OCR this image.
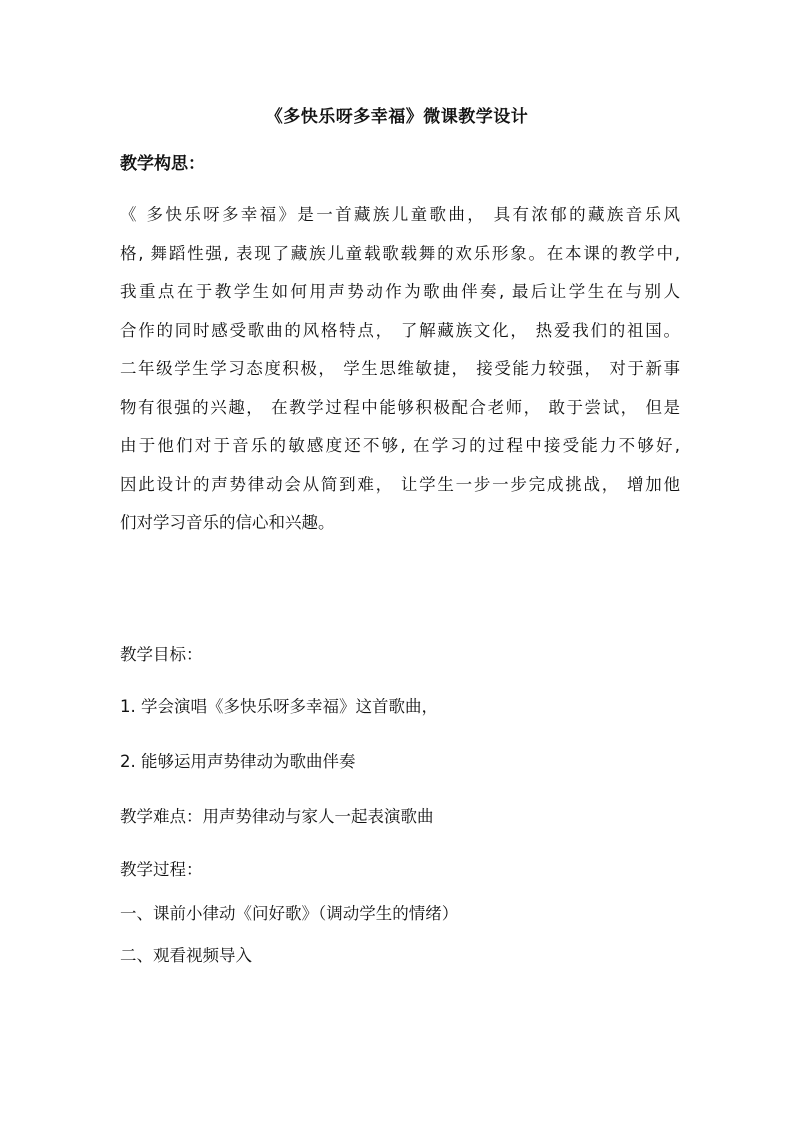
《多快乐呀多幸福》微课教学设计
教学构思：
《 多快乐呀多幸福》是一首藏族儿童歌曲， 具有浓郁的藏族音乐风
格, 舞蹈性强, 表现了藏族儿童载歌载舞的欢乐形象。在本课的教学中,
我重点在于教学生如何用声势动作为歌曲伴奏, 最后让学生在与别人
合作的同时感受歌曲的风格特点， 了解藏族文化， 热爱我们的祖国。
二年级学生学习态度积极， 学生思维敏捷， 接受能力较强， 对于新事
物有很强的兴趣， 在教学过程中能够积极配合老师， 敢于尝试， 但是
由于他们对于音乐的敏感度还不够, 在学习的过程中接受能力不够好,
因此设计的声势律动会从简到难， 让学生一步一步完成挑战， 增加他
们对学习音乐的信心和兴趣。
教学目标：
1. 学会演唱《多快乐呀多幸福》这首歌曲，
2. 能够运用声势律动为歌曲伴奏
教学难点：用声势律动与家人一起表演歌曲
教学过程：
一、课前小律动《问好歌》（调动学生的情绪）
二、观看视频导入
